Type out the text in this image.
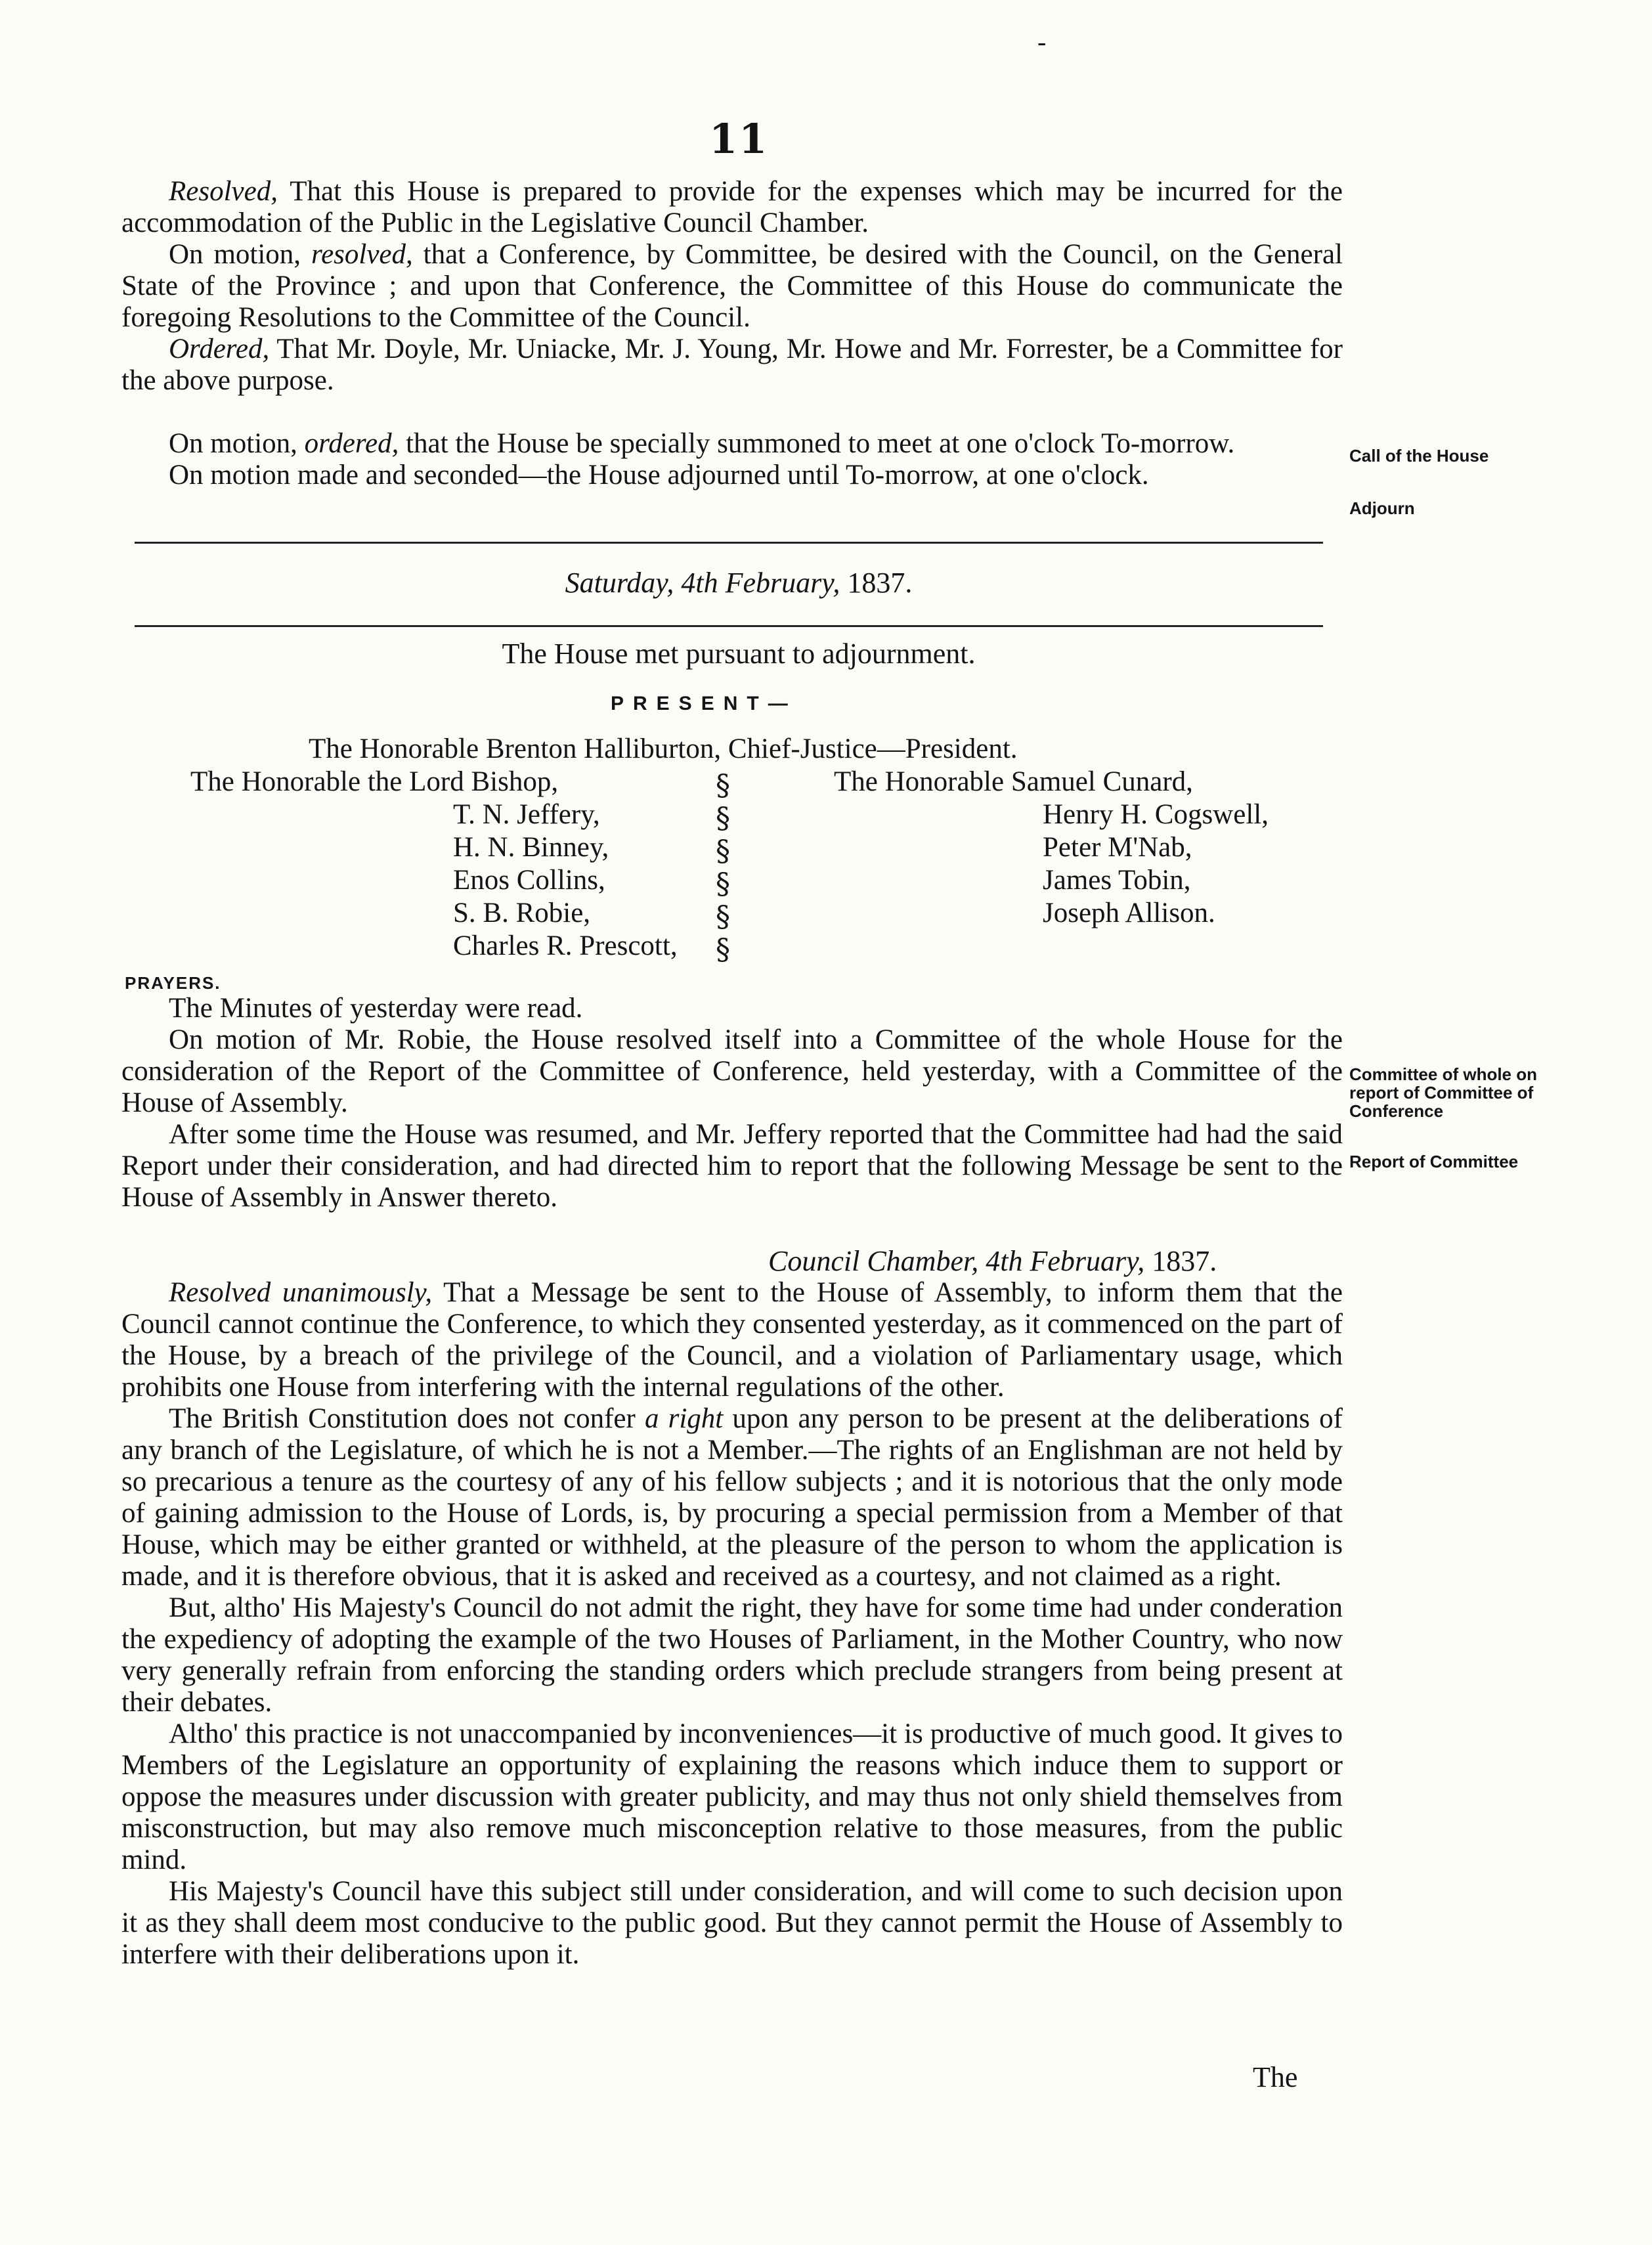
-
11

Resolved, That this House is prepared to provide for the expenses which may be incurred for the accommodation of the Public in the Legislative Council Chamber.

On motion, resolved, that a Conference, by Committee, be desired with the Council, on the General State of the Province ; and upon that Conference, the Committee of this House do communicate the foregoing Resolutions to the Committee of the Council.

Ordered, That Mr. Doyle, Mr. Uniacke, Mr. J. Young, Mr. Howe and Mr. Forrester, be a Committee for the above purpose.

On motion, ordered, that the House be specially summoned to meet at one o'clock To-morrow.

On motion made and seconded—the House adjourned until To-morrow, at one o'clock.

Call of the House
Adjourn
Saturday, 4th February, 1837.
The House met pursuant to adjournment.
PRESENT—
The Honorable Brenton Halliburton, Chief-Justice—President.
The Honorable the Lord Bishop,
T. N. Jeffery,
H. N. Binney,
Enos Collins,
S. B. Robie,
Charles R. Prescott,
§
§
§
§
§
§
The Honorable Samuel Cunard,
Henry H. Cogswell,
Peter M'Nab,
James Tobin,
Joseph Allison.
PRAYERS.

The Minutes of yesterday were read.

On motion of Mr. Robie, the House resolved itself into a Committee of the whole House for the consideration of the Report of the Committee of Conference, held yesterday, with a Committee of the House of Assembly.

After some time the House was resumed, and Mr. Jeffery reported that the Committee had had the said Report under their consideration, and had directed him to report that the following Message be sent to the House of Assembly in Answer thereto.

Committee of whole on report of Committee of Conference
Report of Committee
Council Chamber, 4th February, 1837.

Resolved unanimously, That a Message be sent to the House of Assembly, to inform them that the Council cannot continue the Conference, to which they consented yesterday, as it commenced on the part of the House, by a breach of the privilege of the Council, and a violation of Parliamentary usage, which prohibits one House from interfering with the internal regulations of the other.

The British Constitution does not confer a right upon any person to be present at the deliberations of any branch of the Legislature, of which he is not a Member.—The rights of an Englishman are not held by so precarious a tenure as the courtesy of any of his fellow subjects ; and it is notorious that the only mode of gaining admission to the House of Lords, is, by procuring a special permission from a Member of that House, which may be either granted or withheld, at the pleasure of the person to whom the application is made, and it is therefore obvious, that it is asked and received as a courtesy, and not claimed as a right.

But, altho' His Majesty's Council do not admit the right, they have for some time had under conderation the expediency of adopting the example of the two Houses of Parliament, in the Mother Country, who now very generally refrain from enforcing the standing orders which preclude strangers from being present at their debates.

Altho' this practice is not unaccompanied by inconveniences—it is productive of much good. It gives to Members of the Legislature an opportunity of explaining the reasons which induce them to support or oppose the measures under discussion with greater publicity, and may thus not only shield themselves from misconstruction, but may also remove much misconception relative to those measures, from the public mind.

His Majesty's Council have this subject still under consideration, and will come to such decision upon it as they shall deem most conducive to the public good. But they cannot permit the House of Assembly to interfere with their deliberations upon it.

The
